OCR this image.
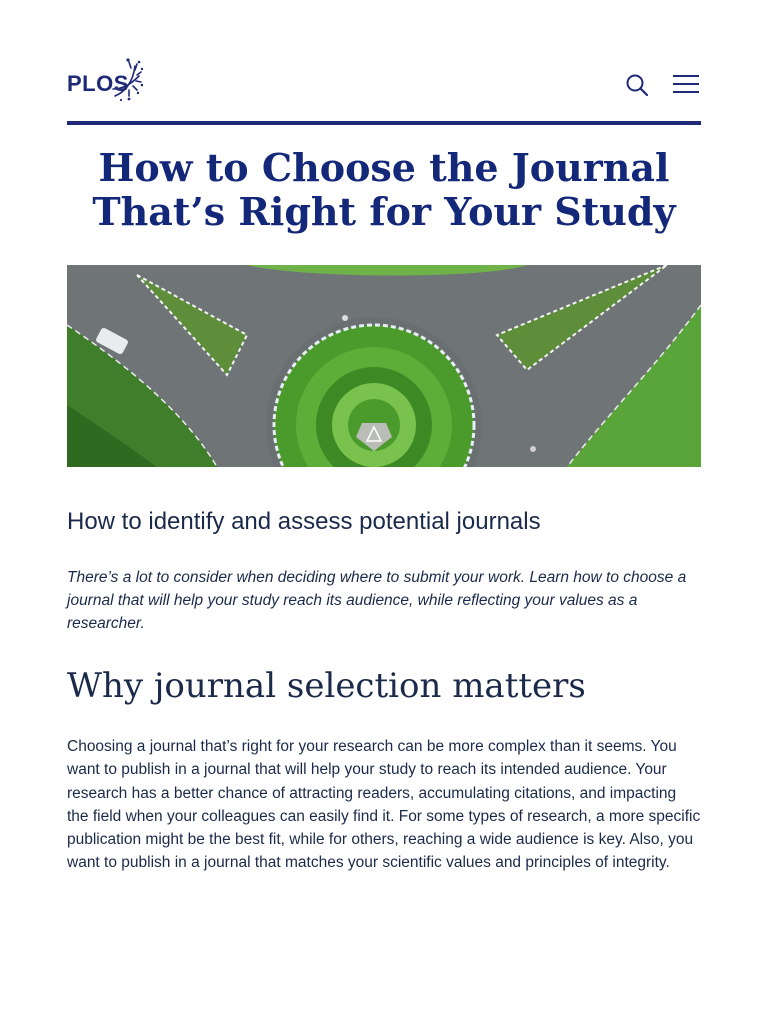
PLOS
How to Choose the Journal That’s Right for Your Study
How to identify and assess potential journals

There’s a lot to consider when deciding where to submit your work. Learn how to choose a journal that will help your study reach its audience, while reflecting your values as a researcher.

Why journal selection matters

Choosing a journal that’s right for your research can be more complex than it seems. You want to publish in a journal that will help your study to reach its intended audience. Your research has a better chance of attracting readers, accumulating citations, and impacting the field when your colleagues can easily find it. For some types of research, a more specific publication might be the best fit, while for others, reaching a wide audience is key. Also, you want to publish in a journal that matches your scientific values and principles of integrity.
